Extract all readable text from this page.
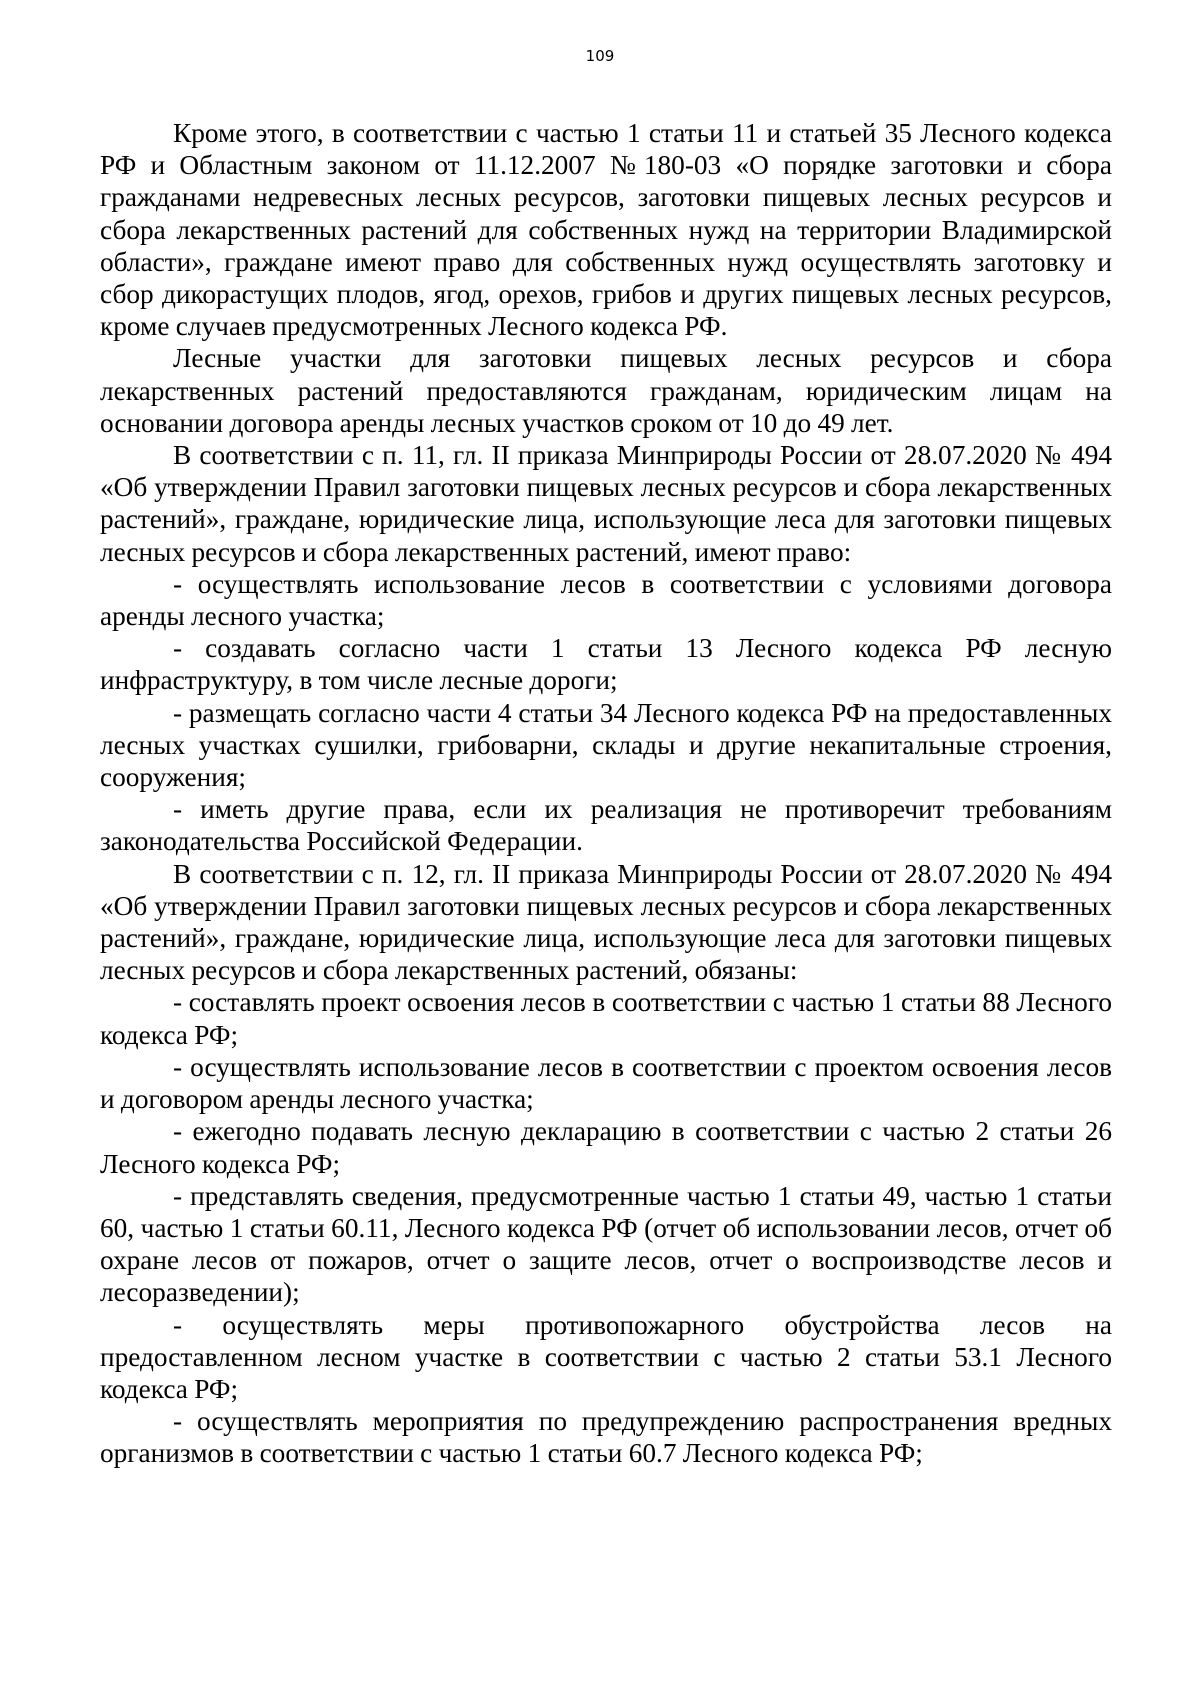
109

Кроме этого, в соответствии с частью 1 статьи 11 и статьей 35 Лесного кодекса РФ и Областным законом от 11.12.2007 №180-03 «О порядке заготовки и сбора гражданами недревесных лесных ресурсов, заготовки пищевых лесных ресурсов и сбора лекарственных растений для собственных нужд на территории Владимирской области», граждане имеют право для собственных нужд осуществлять заготовку и сбор дикорастущих плодов, ягод, орехов, грибов и других пищевых лесных ресурсов, кроме случаев предусмотренных Лесного кодекса РФ.

Лесные участки для заготовки пищевых лесных ресурсов и сбора лекарственных растений предоставляются гражданам, юридическим лицам на основании договора аренды лесных участков сроком от 10 до 49 лет.

В соответствии с п. 11, гл. II приказа Минприроды России от 28.07.2020 № 494 «Об утверждении Правил заготовки пищевых лесных ресурсов и сбора лекарственных растений», граждане, юридические лица, использующие леса для заготовки пищевых лесных ресурсов и сбора лекарственных растений, имеют право:

- осуществлять использование лесов в соответствии с условиями договора аренды лесного участка;

- создавать согласно части 1 статьи 13 Лесного кодекса РФ лесную инфраструктуру, в том числе лесные дороги;

- размещать согласно части 4 статьи 34 Лесного кодекса РФ на предоставленных лесных участках сушилки, грибоварни, склады и другие некапитальные строения, сооружения;

- иметь другие права, если их реализация не противоречит требованиям законодательства Российской Федерации.

В соответствии с п. 12, гл. II приказа Минприроды России от 28.07.2020 № 494 «Об утверждении Правил заготовки пищевых лесных ресурсов и сбора лекарственных растений», граждане, юридические лица, использующие леса для заготовки пищевых лесных ресурсов и сбора лекарственных растений, обязаны:

- составлять проект освоения лесов в соответствии с частью 1 статьи 88 Лесного кодекса РФ;

- осуществлять использование лесов в соответствии с проектом освоения лесов и договором аренды лесного участка;

- ежегодно подавать лесную декларацию в соответствии с частью 2 статьи 26 Лесного кодекса РФ;

- представлять сведения, предусмотренные частью 1 статьи 49, частью 1 статьи 60, частью 1 статьи 60.11, Лесного кодекса РФ (отчет об использовании лесов, отчет об охране лесов от пожаров, отчет о защите лесов, отчет о воспроизводстве лесов и лесоразведении);

- осуществлять меры противопожарного обустройства лесов на предоставленном лесном участке в соответствии с частью 2 статьи 53.1 Лесного кодекса РФ;

- осуществлять мероприятия по предупреждению распространения вредных организмов в соответствии с частью 1 статьи 60.7 Лесного кодекса РФ;
